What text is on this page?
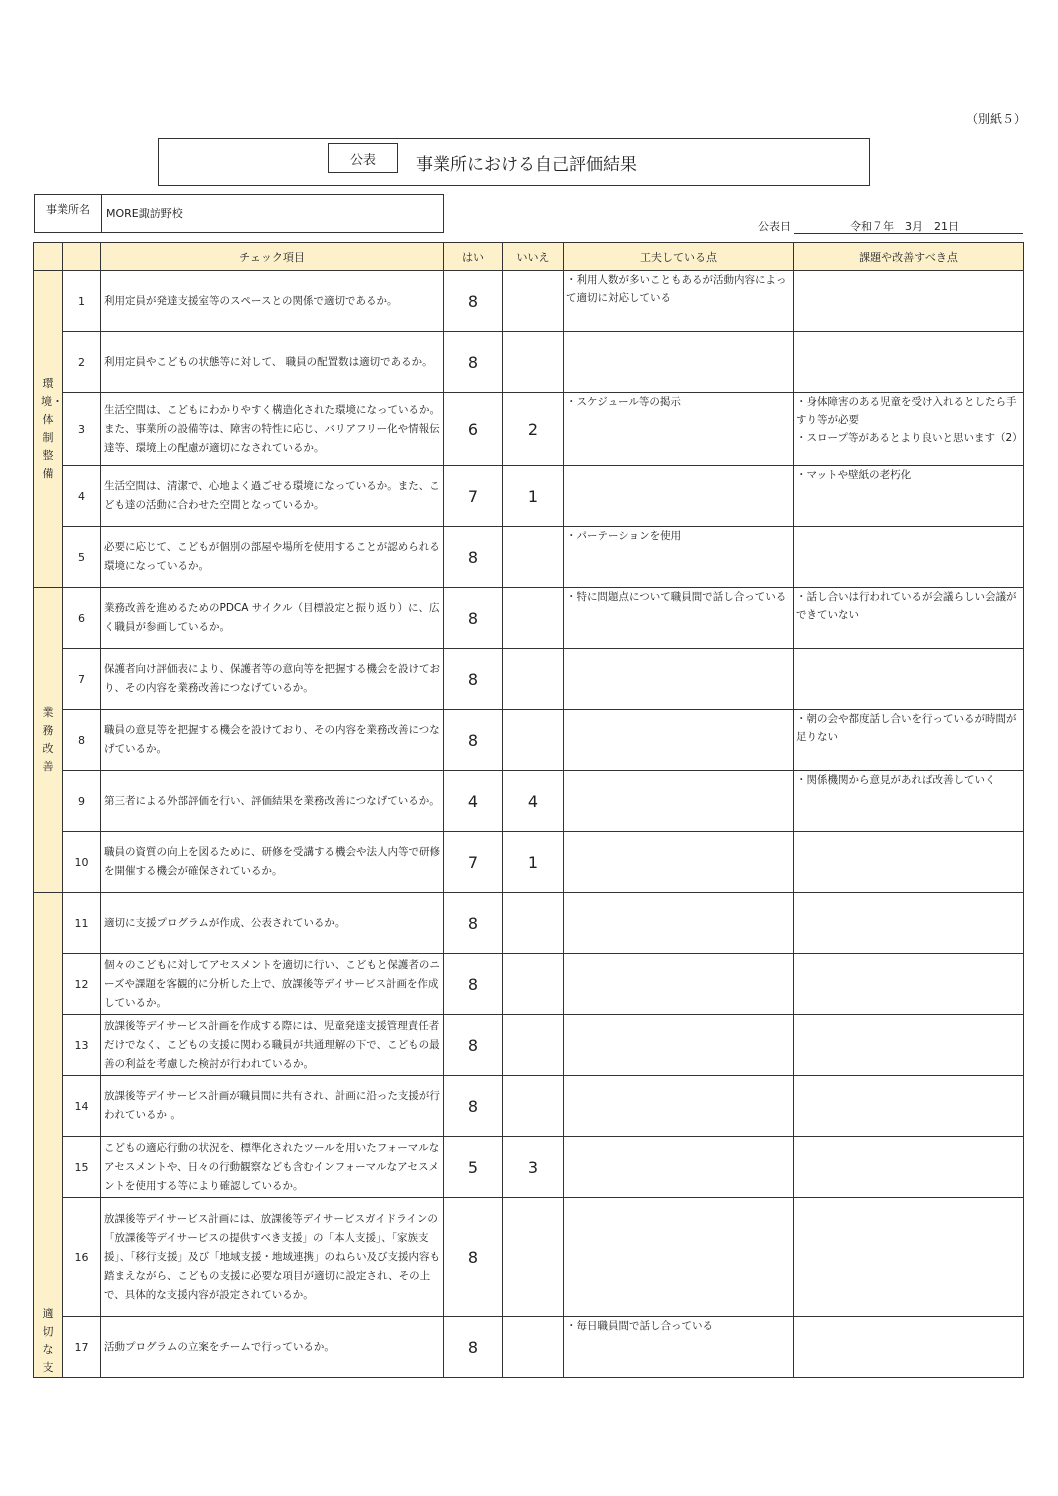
（別紙５）
公表	事業所における自己評価結果
事業所名	MORE諏訪野校
公表日	令和７年　3月　21日
		チェック項目	はい	いいえ	工夫している点	課題や改善すべき点
環境・体制整備	1	利用定員が発達支援室等のスペースとの関係で適切であるか。	8		・利用人数が多いこともあるが活動内容によって適切に対応している	
	2	利用定員やこどもの状態等に対して、 職員の配置数は適切であるか。	8			
	3	生活空間は、こどもにわかりやすく構造化された環境になっているか。また、事業所の設備等は、障害の特性に応じ、バリアフリー化や情報伝達等、環境上の配慮が適切になされているか。	6	2	・スケジュール等の掲示	・身体障害のある児童を受け入れるとしたら手すり等が必要
・スロープ等があるとより良いと思います（2）
	4	生活空間は、清潔で、心地よく過ごせる環境になっているか。また、こども達の活動に合わせた空間となっているか。	7	1		・マットや壁紙の老朽化
	5	必要に応じて、こどもが個別の部屋や場所を使用することが認められる環境になっているか。	8		・パーテーションを使用	
業務改善	6	業務改善を進めるためのPDCA サイクル（目標設定と振り返り）に、広く職員が参画しているか。	8		・特に問題点について職員間で話し合っている	・話し合いは行われているが会議らしい会議ができていない
	7	保護者向け評価表により、保護者等の意向等を把握する機会を設けており、その内容を業務改善につなげているか。	8			
	8	職員の意見等を把握する機会を設けており、その内容を業務改善につなげているか。	8			・朝の会や都度話し合いを行っているが時間が足りない
	9	第三者による外部評価を行い、評価結果を業務改善につなげているか。	4	4		・関係機関から意見があれば改善していく
	10	職員の資質の向上を図るために、研修を受講する機会や法人内等で研修を開催する機会が確保されているか。	7	1		
適切な支	11	適切に支援プログラムが作成、公表されているか。	8			
	12	個々のこどもに対してアセスメントを適切に行い、こどもと保護者のニーズや課題を客観的に分析した上で、放課後等デイサービス計画を作成しているか。	8			
	13	放課後等デイサービス計画を作成する際には、児童発達支援管理責任者だけでなく、こどもの支援に関わる職員が共通理解の下で、こどもの最善の利益を考慮した検討が行われているか。	8			
	14	放課後等デイサービス計画が職員間に共有され、計画に沿った支援が行われているか 。	8			
	15	こどもの適応行動の状況を、標準化されたツールを用いたフォーマルなアセスメントや、日々の行動観察なども含むインフォーマルなアセスメントを使用する等により確認しているか。	5	3		
	16	放課後等デイサービス計画には、放課後等デイサービスガイドラインの「放課後等デイサービスの提供すべき支援」の「本人支援」、「家族支援」、「移行支援」及び「地域支援・地域連携」のねらい及び支援内容も踏まえながら、こどもの支援に必要な項目が適切に設定され、その上で、具体的な支援内容が設定されているか。	8			
	17	活動プログラムの立案をチームで行っているか。	8		・毎日職員間で話し合っている	
